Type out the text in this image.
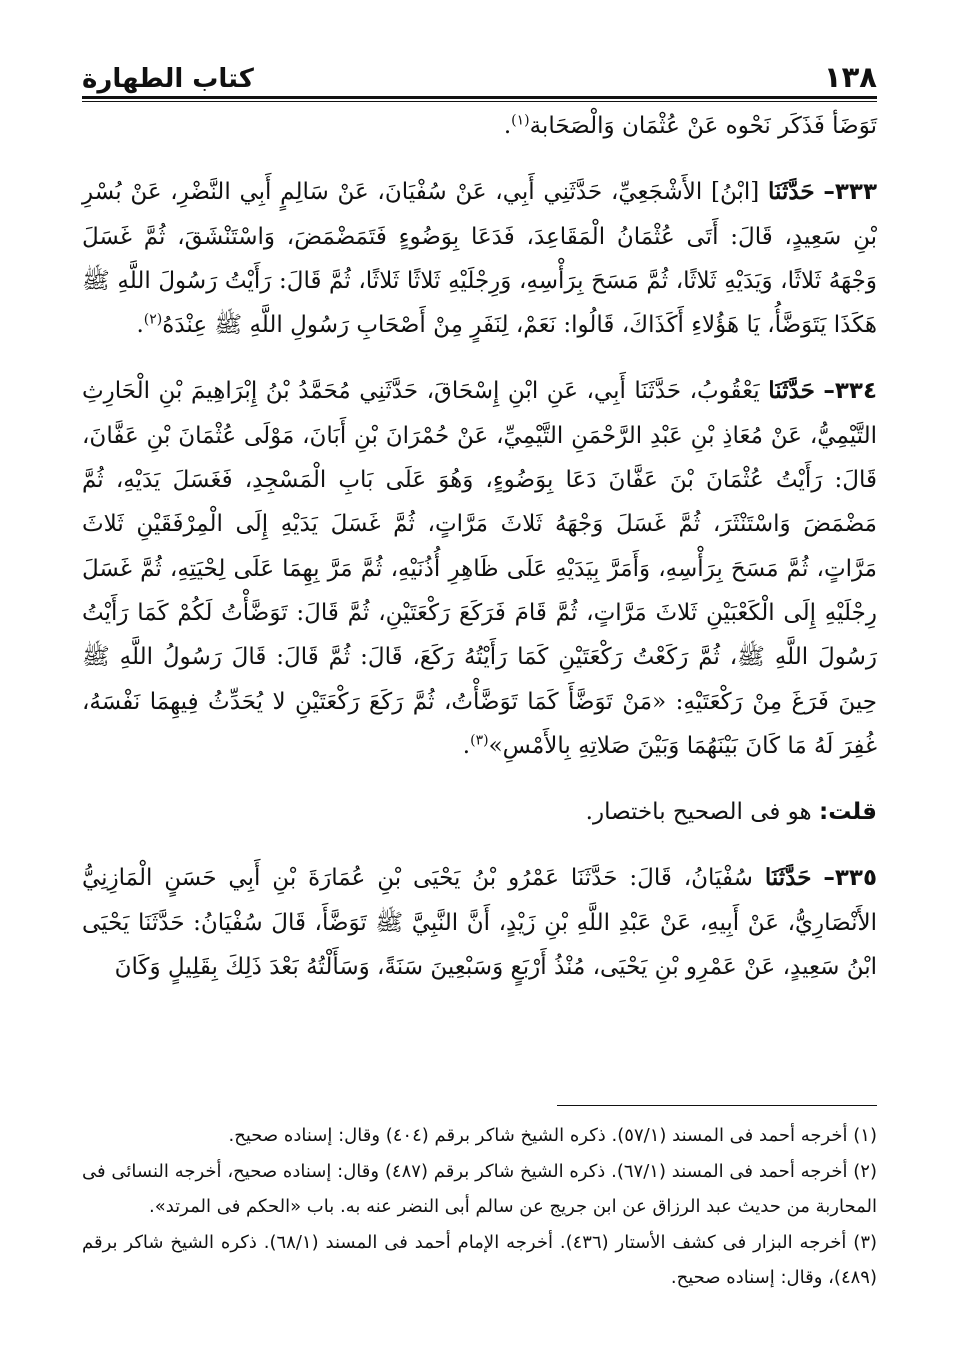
١٣٨
كتاب الطهارة

تَوَضَأ فَذَكَر نَحْوه عَنْ عُثْمَان وَالْصَحَابة$^{(١)}$.

٣٣٣– حَدَّثَنَا [ابْنُ] الأَشْجَعِيِّ، حَدَّثَنِي أَبِي، عَنْ سُفْيَانَ، عَنْ سَالِمٍ أَبِي النَّضْرِ، عَنْ بُسْرِ بْنِ سَعِيدٍ، قَالَ: أَتَى عُثْمَانُ الْمَقَاعِدَ، فَدَعَا بِوَضُوءٍ فَتَمَضْمَضَ، وَاسْتَنْشَقَ، ثُمَّ غَسَلَ وَجْهَهُ ثَلاثًا، وَيَدَيْهِ ثَلاثًا، ثُمَّ مَسَحَ بِرَأْسِهِ، وَرِجْلَيْهِ ثَلاثًا ثَلاثًا، ثُمَّ قَالَ: رَأَيْتُ رَسُولَ اللَّهِ ﷺ هَكَذَا يَتَوَضَّأُ، يَا هَؤُلاءِ أَكَذَاكَ، قَالُوا: نَعَمْ، لِنَفَرٍ مِنْ أَصْحَابِ رَسُولِ اللَّهِ ﷺ عِنْدَهُ$^{(٢)}$.

٣٣٤– حَدَّثَنَا يَعْقُوبُ، حَدَّثَنَا أَبِي، عَنِ ابْنِ إِسْحَاقَ، حَدَّثَنِي مُحَمَّدُ بْنُ إِبْرَاهِيمَ بْنِ الْحَارِثِ التَّيْمِيُّ، عَنْ مُعَاذِ بْنِ عَبْدِ الرَّحْمَنِ التَّيْمِيِّ، عَنْ حُمْرَانَ بْنِ أَبَانَ، مَوْلَى عُثْمَانَ بْنِ عَفَّانَ، قَالَ: رَأَيْتُ عُثْمَانَ بْنَ عَفَّانَ دَعَا بِوَضُوءٍ، وَهُوَ عَلَى بَابِ الْمَسْجِدِ، فَغَسَلَ يَدَيْهِ، ثُمَّ مَضْمَضَ وَاسْتَنْثَرَ، ثُمَّ غَسَلَ وَجْهَهُ ثَلاثَ مَرَّاتٍ، ثُمَّ غَسَلَ يَدَيْهِ إِلَى الْمِرْفَقَيْنِ ثَلاثَ مَرَّاتٍ، ثُمَّ مَسَحَ بِرَأْسِهِ، وَأَمَرَّ بِيَدَيْهِ عَلَى ظَاهِرِ أُذُنَيْهِ، ثُمَّ مَرَّ بِهِمَا عَلَى لِحْيَتِهِ، ثُمَّ غَسَلَ رِجْلَيْهِ إِلَى الْكَعْبَيْنِ ثَلاثَ مَرَّاتٍ، ثُمَّ قَامَ فَرَكَعَ رَكْعَتَيْنِ، ثُمَّ قَالَ: تَوَضَّأْتُ لَكُمْ كَمَا رَأَيْتُ رَسُولَ اللَّهِ ﷺ، ثُمَّ رَكَعْتُ رَكْعَتَيْنِ كَمَا رَأَيْتُهُ رَكَعَ، قَالَ: ثُمَّ قَالَ: قَالَ رَسُولُ اللَّهِ ﷺ حِينَ فَرَغَ مِنْ رَكْعَتَيْهِ: «مَنْ تَوَضَّأَ كَمَا تَوَضَّأْتُ، ثُمَّ رَكَعَ رَكْعَتَيْنِ لا يُحَدِّثُ فِيهِمَا نَفْسَهُ، غُفِرَ لَهُ مَا كَانَ بَيْنَهُمَا وَبَيْنَ صَلاتِهِ بِالأَمْسِ»$^{(٣)}$.

قلت: هو فى الصحيح باختصار.

٣٣٥– حَدَّثَنَا سُفْيَانُ، قَالَ: حَدَّثَنَا عَمْرُو بْنُ يَحْيَى بْنِ عُمَارَةَ بْنِ أَبِي حَسَنٍ الْمَازِنِيُّ الأَنْصَارِيُّ، عَنْ أَبِيهِ، عَنْ عَبْدِ اللَّهِ بْنِ زَيْدٍ، أَنَّ النَّبِيَّ ﷺ تَوَضَّأَ، قَالَ سُفْيَانُ: حَدَّثَنَا يَحْيَى ابْنُ سَعِيدٍ، عَنْ عَمْرِو بْنِ يَحْيَى، مُنْذُ أَرْبَعٍ وَسَبْعِينَ سَنَةً، وَسَأَلْتُهُ بَعْدَ ذَلِكَ بِقَلِيلٍ وَكَانَ

(١) أخرجه أحمد فى المسند (٥٧/١). ذكره الشيخ شاكر برقم (٤٠٤) وقال: إسناده صحيح.

(٢) أخرجه أحمد فى المسند (٦٧/١). ذكره الشيخ شاكر برقم (٤٨٧) وقال: إسناده صحيح، أخرجه النسائى فى المحاربة من حديث عبد الرزاق عن ابن جريج عن سالم أبى النضر عنه به. باب «الحكم فى المرتد».

(٣) أخرجه البزار فى كشف الأستار (٤٣٦). أخرجه الإمام أحمد فى المسند (٦٨/١). ذكره الشيخ شاكر برقم (٤٨٩)، وقال: إسناده صحيح.
